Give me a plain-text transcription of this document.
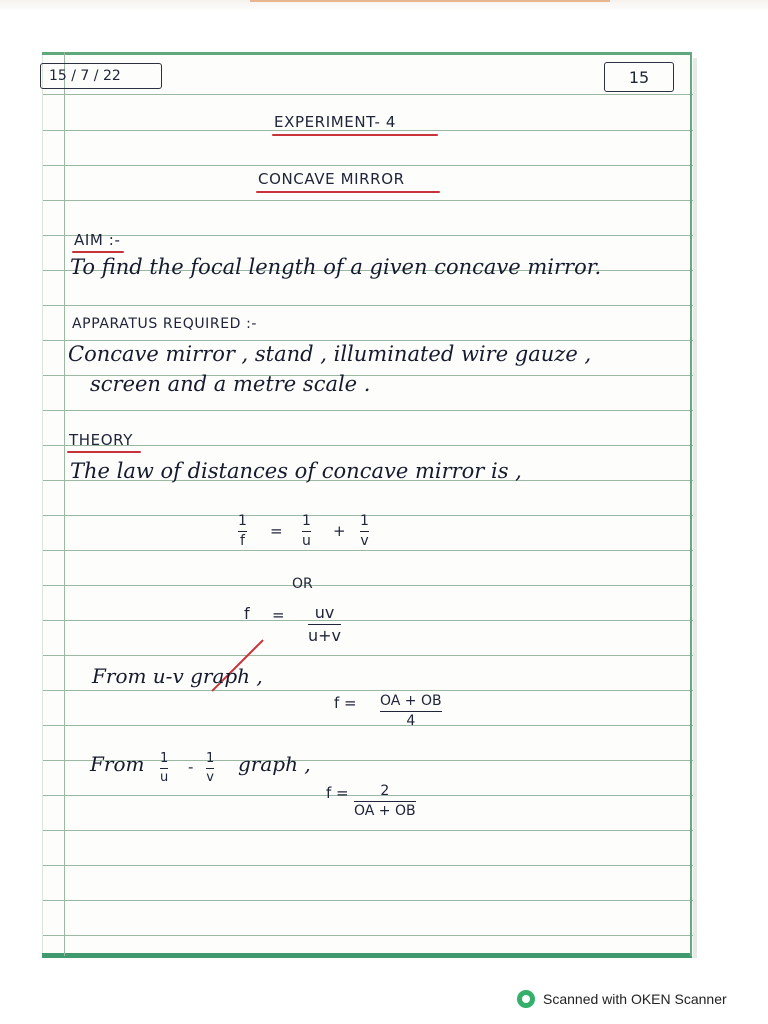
15 / 7 / 22	15
EXPERIMENT- 4
CONCAVE MIRROR
AIM :-
To find the focal length of a given concave mirror.
APPARATUS REQUIRED :-
Concave mirror , stand , illuminated wire gauze ,
screen and a metre scale .
THEORY
The law of distances of concave mirror is ,
1
f
=
1
u
+
1
v
OR
f = uv
u+v
From u-v graph ,
f = OA + OB
4
From 1
u
- 1
v
graph ,
f = 2
OA + OB
Scanned with OKEN Scanner
